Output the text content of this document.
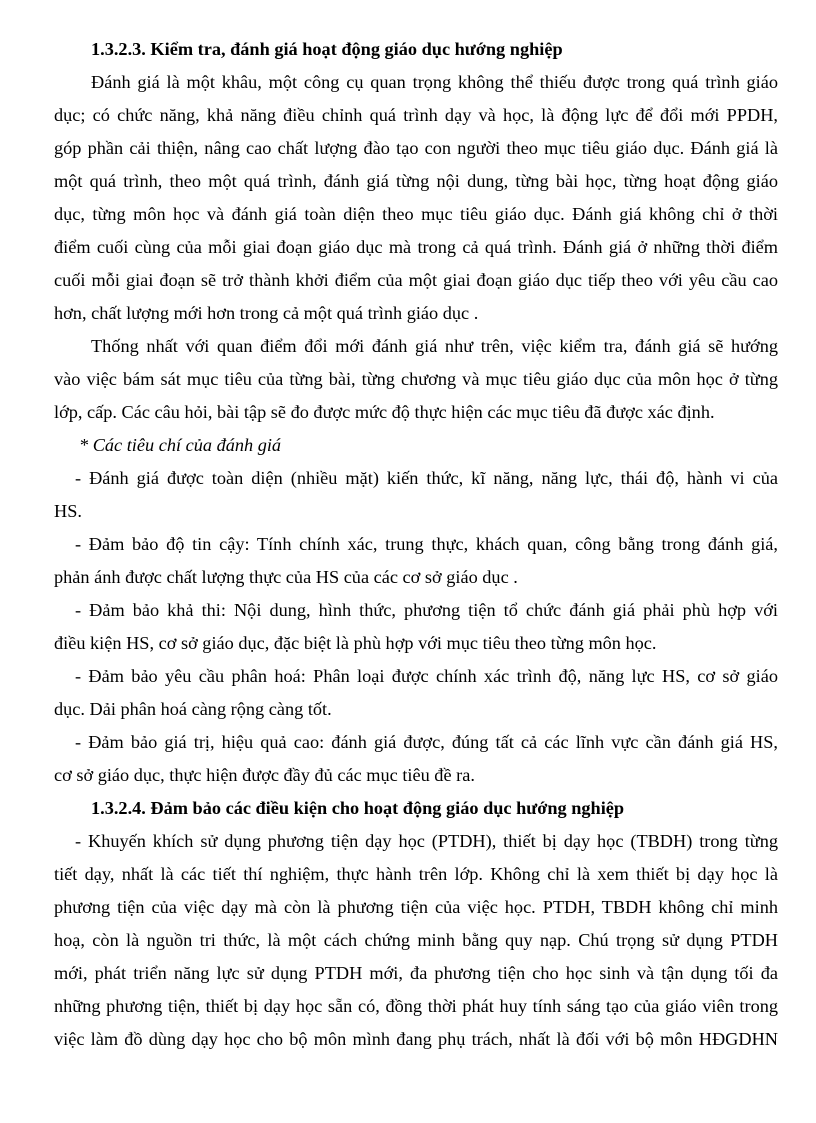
1.3.2.3. Kiểm tra, đánh giá hoạt động giáo dục hướng nghiệp
Đánh giá là một khâu, một công cụ quan trọng không thể thiếu được trong quá trình giáo
dục; có chức năng, khả năng điều chỉnh quá trình dạy và học, là động lực để đổi mới PPDH,
góp phần cải thiện, nâng cao chất lượng đào tạo con người theo mục tiêu giáo dục. Đánh giá là
một quá trình, theo một quá trình, đánh giá từng nội dung, từng bài học, từng hoạt động giáo
dục, từng môn học và đánh giá toàn diện theo mục tiêu giáo dục. Đánh giá không chỉ ở thời
điểm cuối cùng của mỗi giai đoạn giáo dục mà trong cả quá trình. Đánh giá ở những thời điểm
cuối mỗi giai đoạn sẽ trở thành khởi điểm của một giai đoạn giáo dục tiếp theo với yêu cầu cao
hơn, chất lượng mới hơn trong cả một quá trình giáo dục .
Thống nhất với quan điểm đổi mới đánh giá như trên, việc kiểm tra, đánh giá sẽ hướng
vào việc bám sát mục tiêu của từng bài, từng chương và mục tiêu giáo dục của môn học ở từng
lớp, cấp. Các câu hỏi, bài tập sẽ đo được mức độ thực hiện các mục tiêu đã được xác định.
* Các tiêu chí của đánh giá
- Đánh giá được toàn diện (nhiều mặt) kiến thức, kĩ năng, năng lực, thái độ, hành vi của
HS.
- Đảm bảo độ tin cậy: Tính chính xác, trung thực, khách quan, công bằng trong đánh giá,
phản ánh được chất lượng thực của HS của các cơ sở giáo dục .
- Đảm bảo khả thi: Nội dung, hình thức, phương tiện tổ chức đánh giá phải phù hợp với
điều kiện HS, cơ sở giáo dục, đặc biệt là phù hợp với mục tiêu theo từng môn học.
- Đảm bảo yêu cầu phân hoá: Phân loại được chính xác trình độ, năng lực HS, cơ sở giáo
dục. Dải phân hoá càng rộng càng tốt.
- Đảm bảo giá trị, hiệu quả cao: đánh giá được, đúng tất cả các lĩnh vực cần đánh giá HS,
cơ sở giáo dục, thực hiện được đầy đủ các mục tiêu đề ra.
1.3.2.4. Đảm bảo các điều kiện cho hoạt động giáo dục hướng nghiệp
- Khuyến khích sử dụng phương tiện dạy học (PTDH), thiết bị dạy học (TBDH) trong từng
tiết dạy, nhất là các tiết thí nghiệm, thực hành trên lớp. Không chỉ là xem thiết bị dạy học là
phương tiện của việc dạy mà còn là phương tiện của việc học. PTDH, TBDH không chỉ minh
hoạ, còn là nguồn tri thức, là một cách chứng minh bằng quy nạp. Chú trọng sử dụng PTDH
mới, phát triển năng lực sử dụng PTDH mới, đa phương tiện cho học sinh và tận dụng tối đa
những phương tiện, thiết bị dạy học sẵn có, đồng thời phát huy tính sáng tạo của giáo viên trong
việc làm đồ dùng dạy học cho bộ môn mình đang phụ trách, nhất là đối với bộ môn HĐGDHN
